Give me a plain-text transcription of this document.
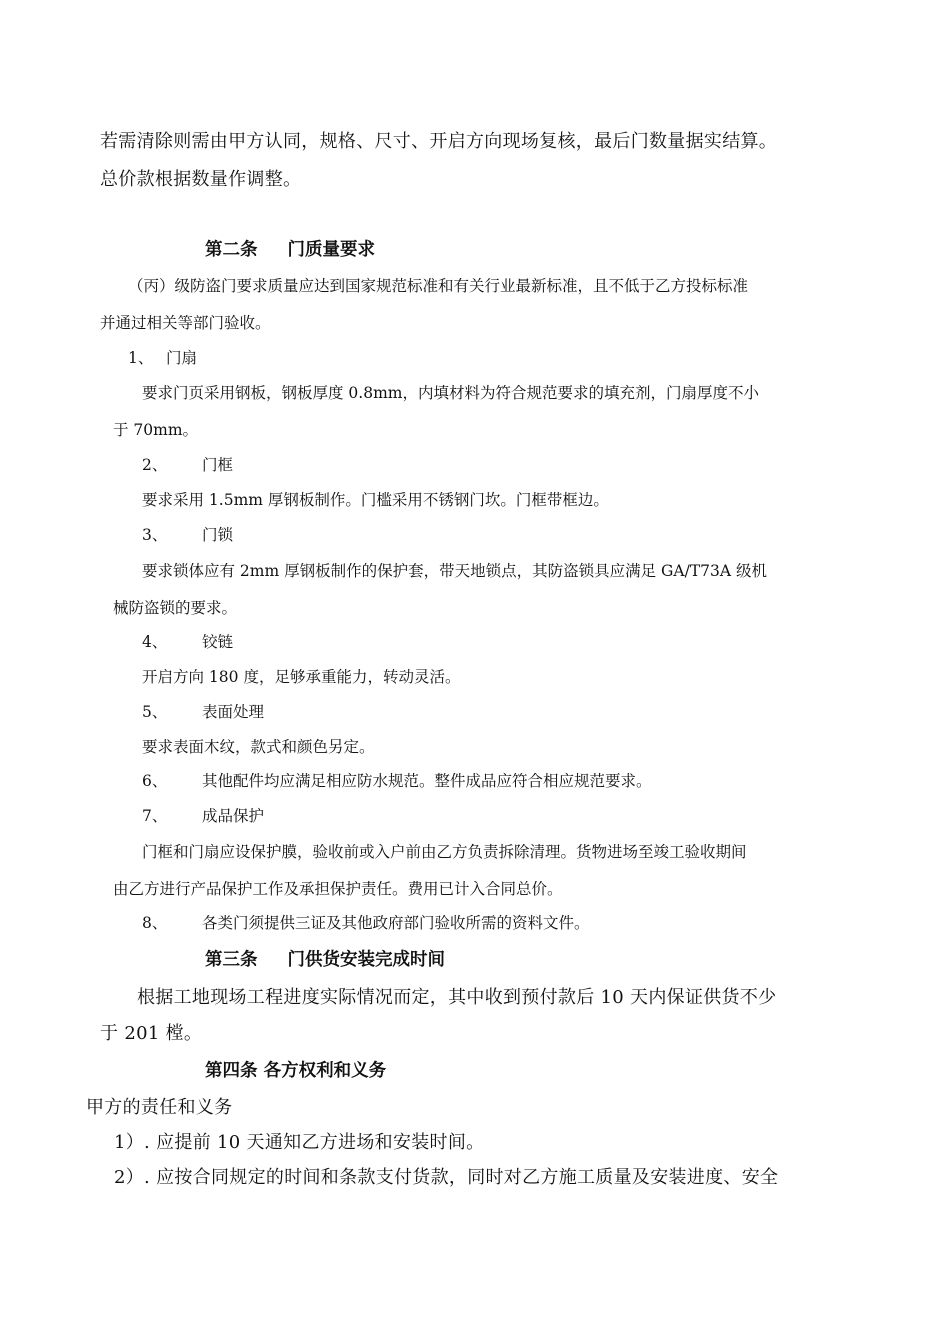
若需清除则需由甲方认同，规格、尺寸、开启方向现场复核，最后门数量据实结算。

总价款根据数量作调整。

第二条 门质量要求

（丙）级防盗门要求质量应达到国家规范标准和有关行业最新标准，且不低于乙方投标标准

并通过相关等部门验收。

1、 门扇

要求门页采用钢板，钢板厚度 0.8mm，内填材料为符合规范要求的填充剂，门扇厚度不小

于 70mm。

2、 门框

要求采用 1.5mm 厚钢板制作。门槛采用不锈钢门坎。门框带框边。

3、 门锁

要求锁体应有 2mm 厚钢板制作的保护套，带天地锁点，其防盗锁具应满足 GA/T73A 级机

械防盗锁的要求。

4、 铰链

开启方向 180 度，足够承重能力，转动灵活。

5、 表面处理

要求表面木纹，款式和颜色另定。

6、 其他配件均应满足相应防水规范。整件成品应符合相应规范要求。

7、 成品保护

门框和门扇应设保护膜，验收前或入户前由乙方负责拆除清理。货物进场至竣工验收期间

由乙方进行产品保护工作及承担保护责任。费用已计入合同总价。

8、 各类门须提供三证及其他政府部门验收所需的资料文件。

第三条 门供货安装完成时间

根据工地现场工程进度实际情况而定，其中收到预付款后 10 天内保证供货不少

于 201 樘。

第四条 各方权利和义务

甲方的责任和义务

1）. 应提前 10 天通知乙方进场和安装时间。

2）. 应按合同规定的时间和条款支付货款，同时对乙方施工质量及安装进度、安全
